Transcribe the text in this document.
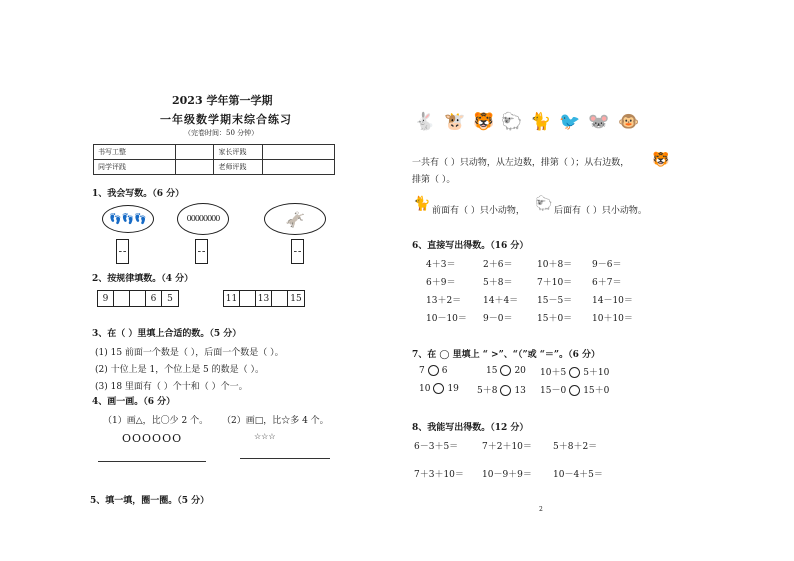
2023 学年第一学期
一年级数学期末综合练习
（完卷时间：50 分钟）
书写工整		家长评践	
同学评践		老师评践	
1、我会写数。（6 分）
👣👣👣	00000000	🫏
2、按规律填数。（4 分）
9	6	5	11	13	15
3、在（ ）里填上合适的数。（5 分）
(1) 15 前面一个数是（ ），后面一个数是（ ）。
(2) 十位上是 1，个位上是 5 的数是（ ）。
(3) 18 里面有（ ）个十和（ ）个一。
4、画一画。（6 分）
（1）画△，比〇少 2 个。 （2）画□，比☆多 4 个。
OOOOOO	☆☆☆
5、填一填，圈一圈。（5 分）
🐇 🐮 🐯 🐑 🐈 🐦 🐭 🐵
一共有（ ）只动物，从左边数，排第（ ）；从右边数， 🐯
排第（ ）。
🐈 前面有（ ）只小动物， 🐑 后面有（ ）只小动物。
6、直接写出得数。（16 分）
4＋3＝	2＋6＝	10＋8＝ 9－6＝
6＋9＝	5＋8＝	7＋10＝ 6＋7＝
13＋2＝ 14＋4＝ 15－5＝ 14－10＝
10－10＝ 9－0＝	15＋0＝ 10＋10＝
7、在 ◯ 里填上 “ >”、“（”或 “＝”。（6 分）
7 6	15 20 10＋5 5＋10
10 19 5＋8 13 15－0 15＋0
8、我能写出得数。（12 分）
6－3＋5＝	7＋2＋10＝ 5＋8＋2＝
7＋3＋10＝ 10－9＋9＝ 10－4＋5＝
2
